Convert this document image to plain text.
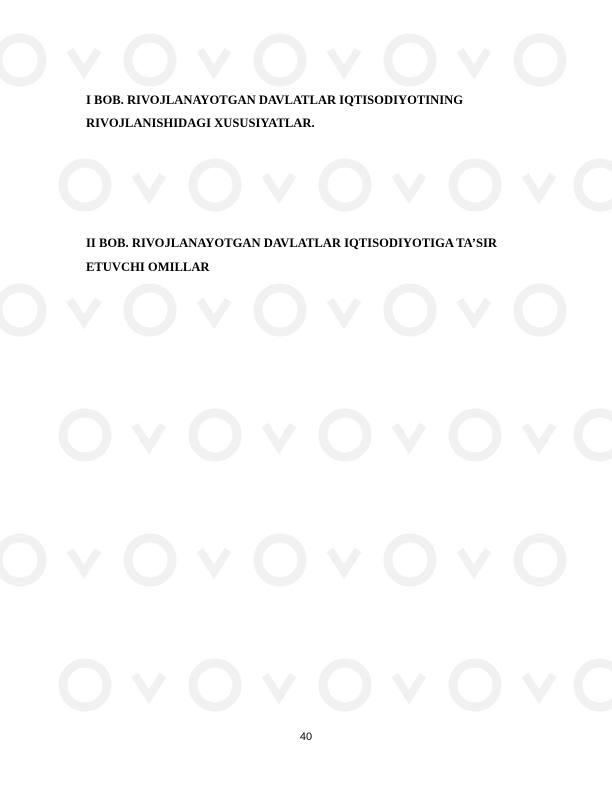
I BOB. RIVOJLANAYOTGAN DAVLATLAR IQTISODIYOTINING
RIVOJLANISHIDAGI XUSUSIYATLAR.
II BOB. RIVOJLANAYOTGAN DAVLATLAR IQTISODIYOTIGA TA’SIR
ETUVCHI OMILLAR
40
